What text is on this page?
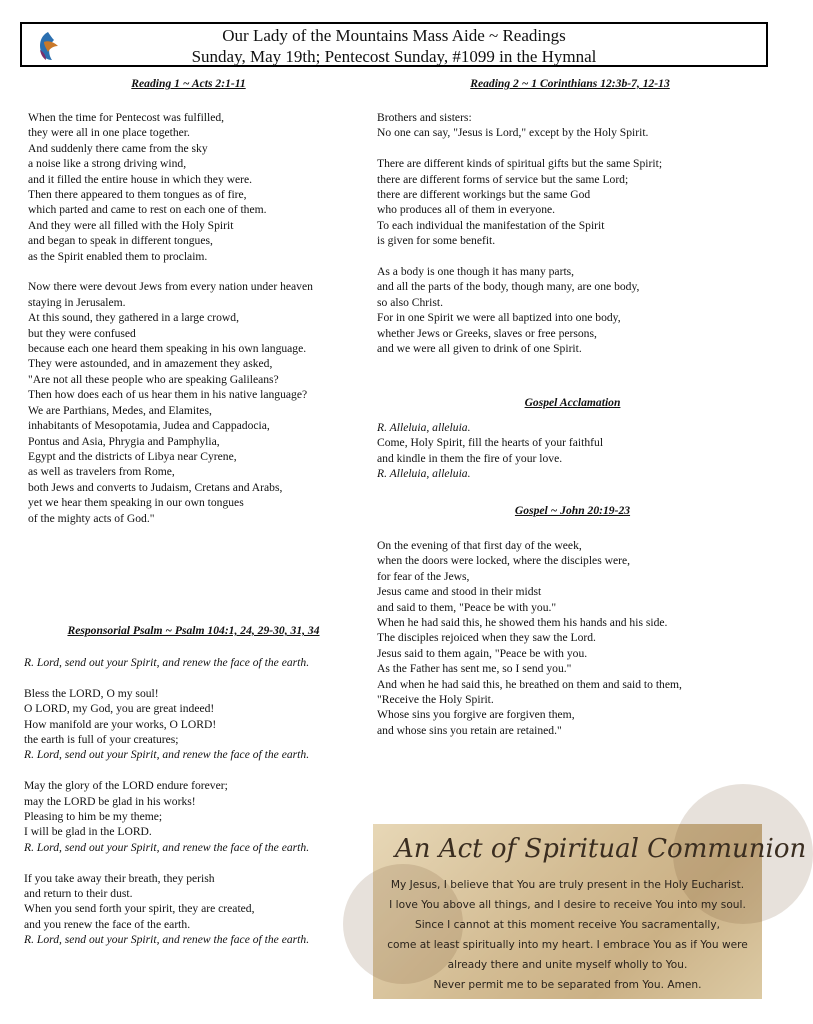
Our Lady of the Mountains Mass Aide ~ Readings
Sunday, May 19th; Pentecost Sunday, #1099 in the Hymnal
Reading 1 ~ Acts 2:1-11

When the time for Pentecost was fulfilled,

they were all in one place together.

And suddenly there came from the sky

a noise like a strong driving wind,

and it filled the entire house in which they were.

Then there appeared to them tongues as of fire,

which parted and came to rest on each one of them.

And they were all filled with the Holy Spirit

and began to speak in different tongues,

as the Spirit enabled them to proclaim.

Now there were devout Jews from every nation under heaven

staying in Jerusalem.

At this sound, they gathered in a large crowd,

but they were confused

because each one heard them speaking in his own language.

They were astounded, and in amazement they asked,

"Are not all these people who are speaking Galileans?

Then how does each of us hear them in his native language?

We are Parthians, Medes, and Elamites,

inhabitants of Mesopotamia, Judea and Cappadocia,

Pontus and Asia, Phrygia and Pamphylia,

Egypt and the districts of Libya near Cyrene,

as well as travelers from Rome,

both Jews and converts to Judaism, Cretans and Arabs,

yet we hear them speaking in our own tongues

of the mighty acts of God."

Responsorial Psalm ~ Psalm 104:1, 24, 29-30, 31, 34

R. Lord, send out your Spirit, and renew the face of the earth.

Bless the LORD, O my soul!

O LORD, my God, you are great indeed!

How manifold are your works, O LORD!

the earth is full of your creatures;

R. Lord, send out your Spirit, and renew the face of the earth.

May the glory of the LORD endure forever;

may the LORD be glad in his works!

Pleasing to him be my theme;

I will be glad in the LORD.

R. Lord, send out your Spirit, and renew the face of the earth.

If you take away their breath, they perish

and return to their dust.

When you send forth your spirit, they are created,

and you renew the face of the earth.

R. Lord, send out your Spirit, and renew the face of the earth.

Reading 2 ~ 1 Corinthians 12:3b-7, 12-13

Brothers and sisters:

No one can say, "Jesus is Lord," except by the Holy Spirit.

There are different kinds of spiritual gifts but the same Spirit;

there are different forms of service but the same Lord;

there are different workings but the same God

who produces all of them in everyone.

To each individual the manifestation of the Spirit

is given for some benefit.

As a body is one though it has many parts,

and all the parts of the body, though many, are one body,

so also Christ.

For in one Spirit we were all baptized into one body,

whether Jews or Greeks, slaves or free persons,

and we were all given to drink of one Spirit.

Gospel Acclamation

R. Alleluia, alleluia.

Come, Holy Spirit, fill the hearts of your faithful

and kindle in them the fire of your love.

R. Alleluia, alleluia.

Gospel ~ John 20:19-23

On the evening of that first day of the week,

when the doors were locked, where the disciples were,

for fear of the Jews,

Jesus came and stood in their midst

and said to them, "Peace be with you."

When he had said this, he showed them his hands and his side.

The disciples rejoiced when they saw the Lord.

Jesus said to them again, "Peace be with you.

As the Father has sent me, so I send you."

And when he had said this, he breathed on them and said to them,

"Receive the Holy Spirit.

Whose sins you forgive are forgiven them,

and whose sins you retain are retained."

An Act of Spiritual Communion
My Jesus, I believe that You are truly present in the Holy Eucharist.
I love You above all things, and I desire to receive You into my soul.
Since I cannot at this moment receive You sacramentally,
come at least spiritually into my heart. I embrace You as if You were
already there and unite myself wholly to You.
Never permit me to be separated from You. Amen.
